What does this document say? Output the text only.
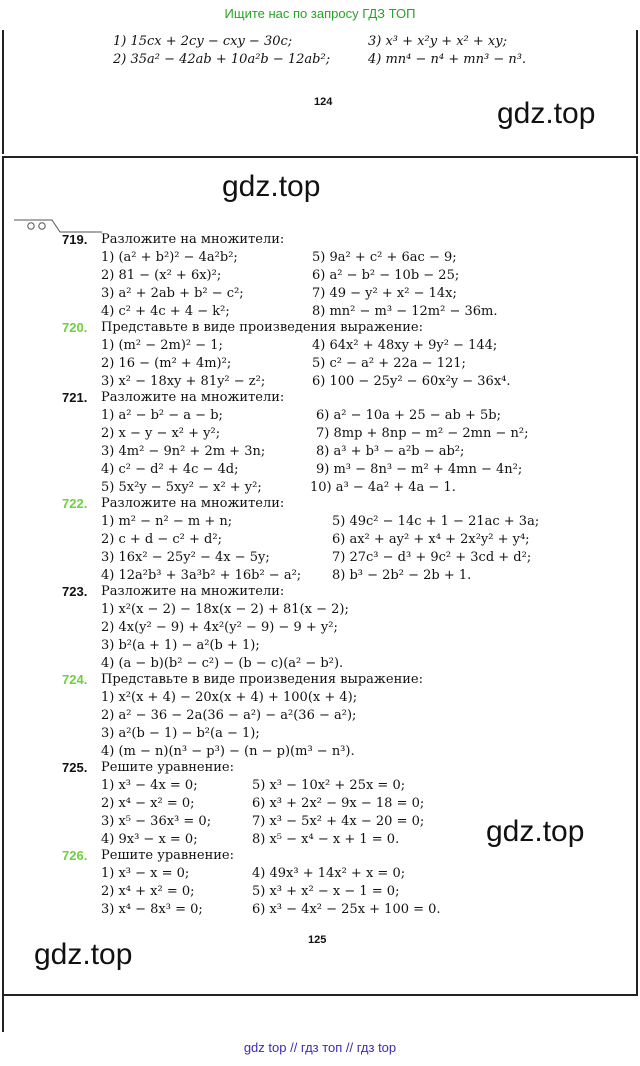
Ищите нас по запросу ГДЗ ТОП
1) 15cx + 2cy − cxy − 30c;
2) 35a² − 42ab + 10a²b − 12ab²;
3) x³ + x²y + x² + xy;
4) mn⁴ − n⁴ + mn³ − n³.
124	gdz.top
gdz.top
gdz.top
gdz.top
719. Разложите на множители:
1) (a² + b²)² − 4a²b²;
2) 81 − (x² + 6x)²;
3) a² + 2ab + b² − c²;
4) c² + 4c + 4 − k²;
5) 9a² + c² + 6ac − 9;
6) a² − b² − 10b − 25;
7) 49 − y² + x² − 14x;
8) mn² − m³ − 12m² − 36m.
720. Представьте в виде произведения выражение:
1) (m² − 2m)² − 1;
2) 16 − (m² + 4m)²;
3) x² − 18xy + 81y² − z²;
4) 64x² + 48xy + 9y² − 144;
5) c² − a² + 22a − 121;
6) 100 − 25y² − 60x²y − 36x⁴.
721. Разложите на множители:
1) a² − b² − a − b;
2) x − y − x² + y²;
3) 4m² − 9n² + 2m + 3n;
4) c² − d² + 4c − 4d;
5) 5x²y − 5xy² − x² + y²;
6) a² − 10a + 25 − ab + 5b;
7) 8mp + 8np − m² − 2mn − n²;
8) a³ + b³ − a²b − ab²;
9) m³ − 8n³ − m² + 4mn − 4n²;
10) a³ − 4a² + 4a − 1.
722. Разложите на множители:
1) m² − n² − m + n;
2) c + d − c² + d²;
3) 16x² − 25y² − 4x − 5y;
4) 12a²b³ + 3a³b² + 16b² − a²;
5) 49c² − 14c + 1 − 21ac + 3a;
6) ax² + ay² + x⁴ + 2x²y² + y⁴;
7) 27c³ − d³ + 9c² + 3cd + d²;
8) b³ − 2b² − 2b + 1.
723. Разложите на множители:
1) x²(x − 2) − 18x(x − 2) + 81(x − 2);
2) 4x(y² − 9) + 4x²(y² − 9) − 9 + y²;
3) b²(a + 1) − a²(b + 1);
4) (a − b)(b² − c²) − (b − c)(a² − b²).
724. Представьте в виде произведения выражение:
1) x²(x + 4) − 20x(x + 4) + 100(x + 4);
2) a² − 36 − 2a(36 − a²) − a²(36 − a²);
3) a²(b − 1) − b²(a − 1);
4) (m − n)(n³ − p³) − (n − p)(m³ − n³).
725. Решите уравнение:
1) x³ − 4x = 0;
2) x⁴ − x² = 0;
3) x⁵ − 36x³ = 0;
4) 9x³ − x = 0;
5) x³ − 10x² + 25x = 0;
6) x³ + 2x² − 9x − 18 = 0;
7) x³ − 5x² + 4x − 20 = 0;
8) x⁵ − x⁴ − x + 1 = 0.
726. Решите уравнение:
1) x³ − x = 0;
2) x⁴ + x² = 0;
3) x⁴ − 8x³ = 0;
4) 49x³ + 14x² + x = 0;
5) x³ + x² − x − 1 = 0;
6) x³ − 4x² − 25x + 100 = 0.
125
gdz top // гдз топ // гдз top
